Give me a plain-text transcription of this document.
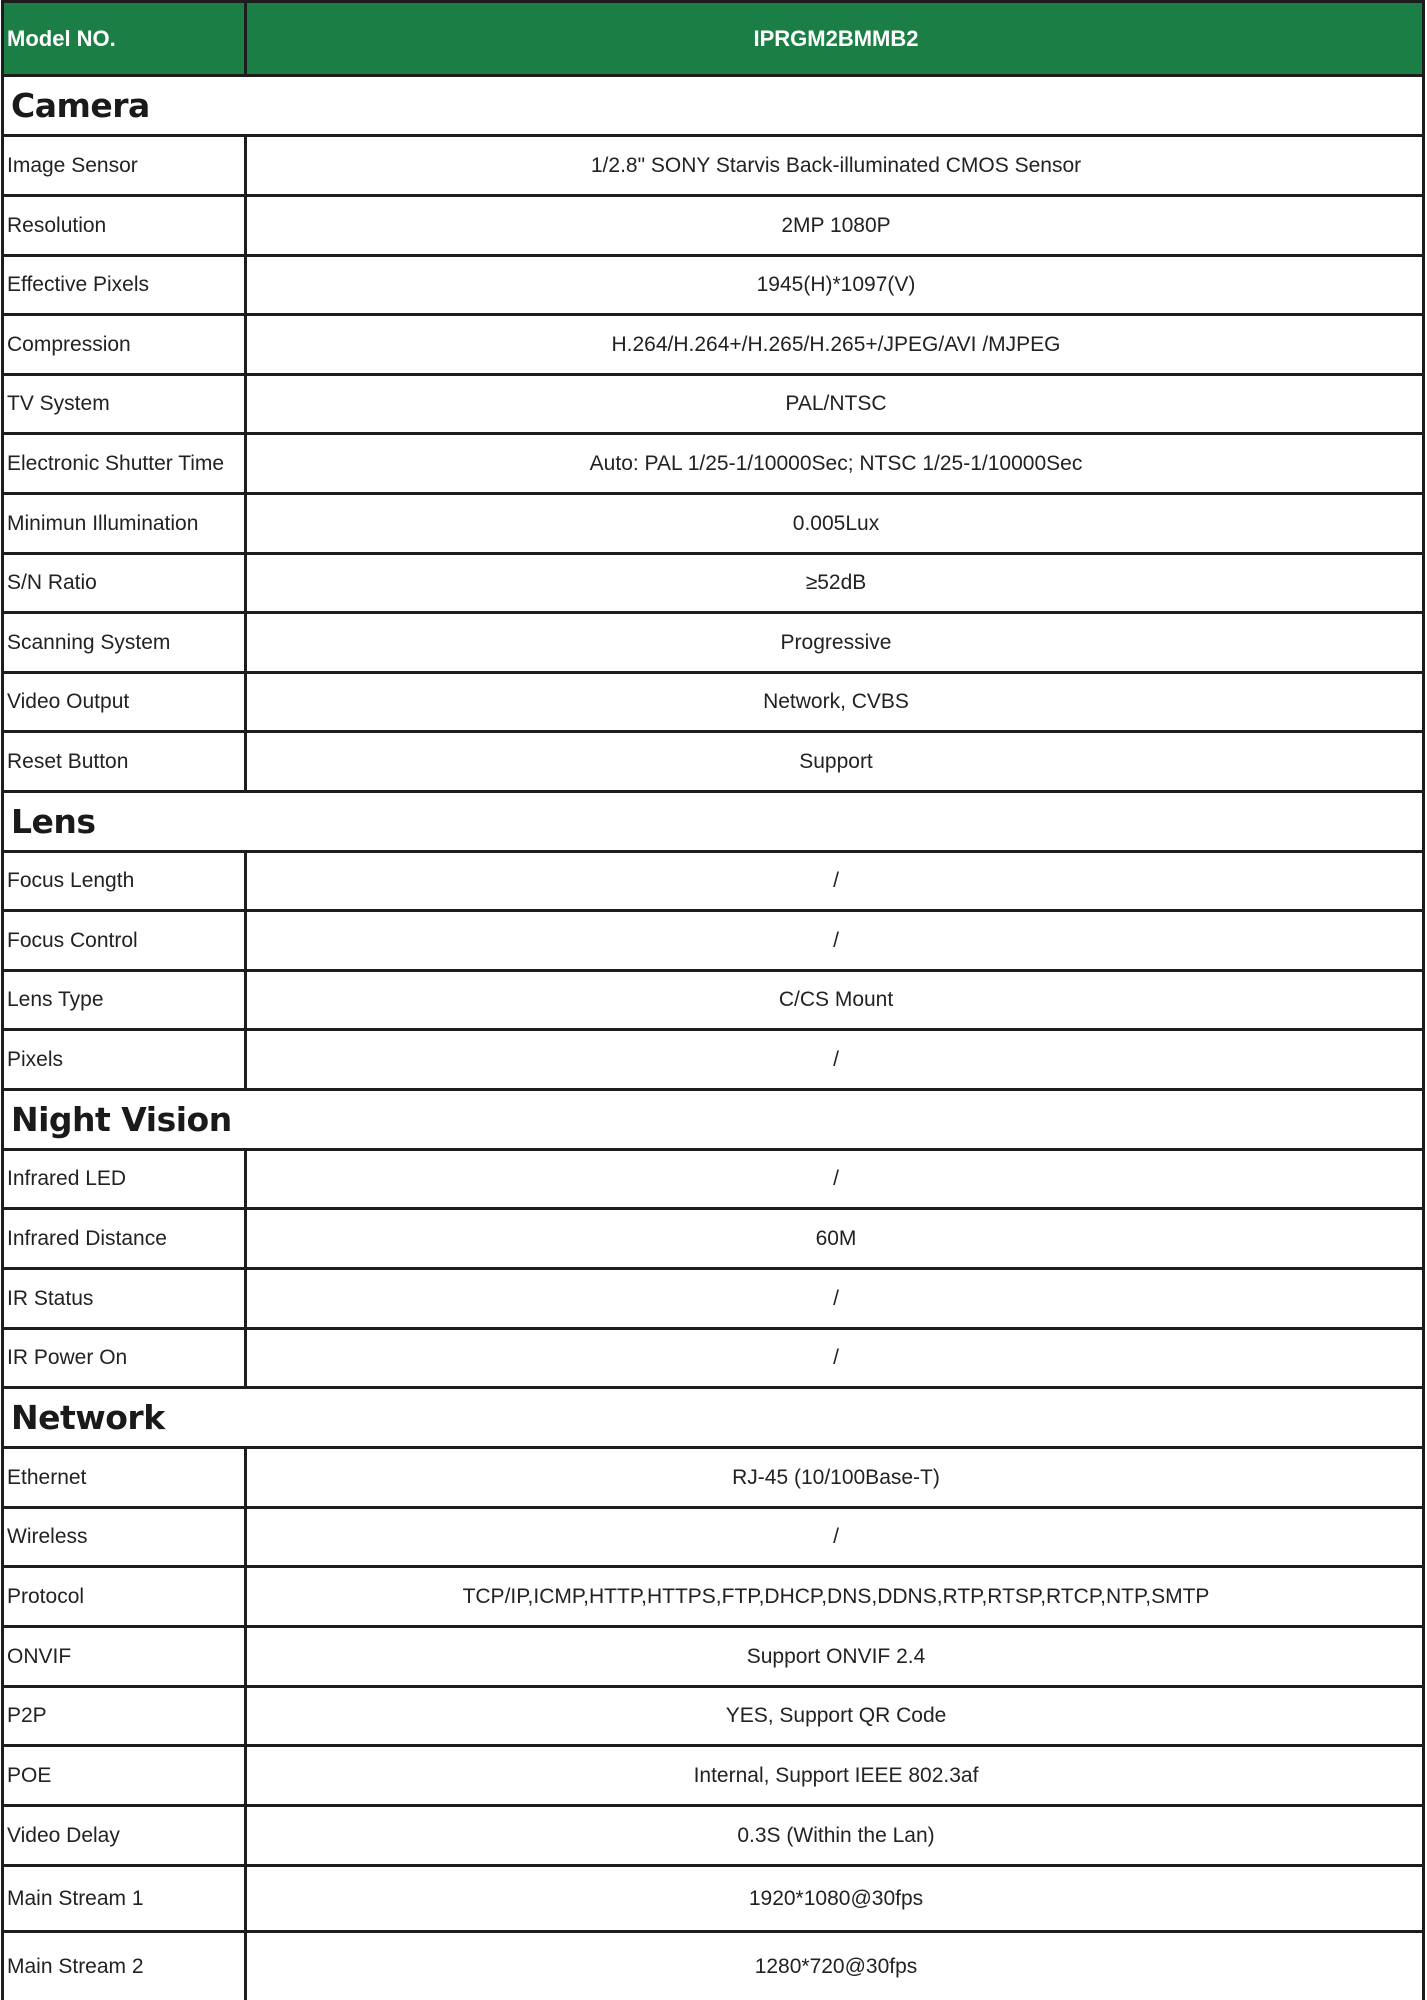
Model NO.	IPRGM2BMMB2
Camera
Image Sensor	1/2.8" SONY Starvis Back-illuminated CMOS Sensor
Resolution	2MP 1080P
Effective Pixels	1945(H)*1097(V)
Compression	H.264/H.264+/H.265/H.265+/JPEG/AVI /MJPEG
TV System	PAL/NTSC
Electronic Shutter Time	Auto: PAL 1/25-1/10000Sec; NTSC 1/25-1/10000Sec
Minimun Illumination	0.005Lux
S/N Ratio	≥52dB
Scanning System	Progressive
Video Output	Network, CVBS
Reset Button	Support
Lens
Focus Length	/
Focus Control	/
Lens Type	C/CS Mount
Pixels	/
Night Vision
Infrared LED	/
Infrared Distance	60M
IR Status	/
IR Power On	/
Network
Ethernet	RJ-45 (10/100Base-T)
Wireless	/
Protocol	TCP/IP,ICMP,HTTP,HTTPS,FTP,DHCP,DNS,DDNS,RTP,RTSP,RTCP,NTP,SMTP
ONVIF	Support ONVIF 2.4
P2P	YES, Support QR Code
POE	Internal, Support IEEE 802.3af
Video Delay	0.3S (Within the Lan)
Main Stream 1	1920*1080@30fps
Main Stream 2	1280*720@30fps
